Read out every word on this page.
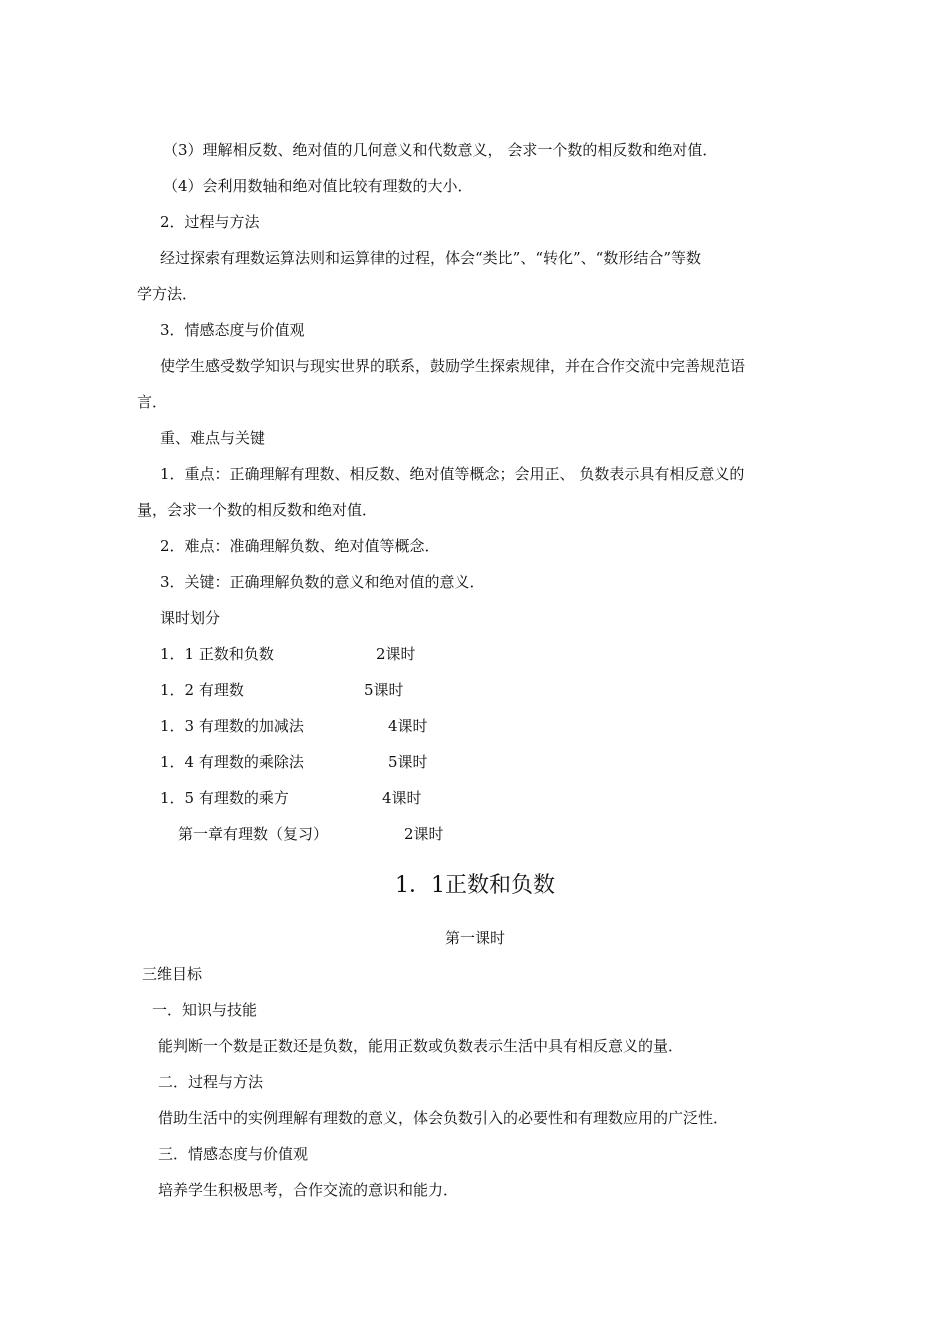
（3）理解相反数、绝对值的几何意义和代数意义， 会求一个数的相反数和绝对值．
（4）会利用数轴和绝对值比较有理数的大小．
2．过程与方法
经过探索有理数运算法则和运算律的过程，体会“类比”、“转化”、“数形结合”等数
学方法．
3．情感态度与价值观
使学生感受数学知识与现实世界的联系，鼓励学生探索规律，并在合作交流中完善规范语
言．
重、难点与关键
1．重点：正确理解有理数、相反数、绝对值等概念；会用正、 负数表示具有相反意义的
量，会求一个数的相反数和绝对值．
2．难点：准确理解负数、绝对值等概念．
3．关键：正确理解负数的意义和绝对值的意义．
课时划分
1．1 正数和负数	2课时
1．2 有理数	5课时
1．3 有理数的加减法	4课时
1．4 有理数的乘除法	5课时
1．5 有理数的乘方	4课时
第一章有理数（复习）	2课时
1．1正数和负数
第一课时
三维目标
一．知识与技能
能判断一个数是正数还是负数，能用正数或负数表示生活中具有相反意义的量．
二．过程与方法
借助生活中的实例理解有理数的意义，体会负数引入的必要性和有理数应用的广泛性．
三．情感态度与价值观
培养学生积极思考，合作交流的意识和能力．
